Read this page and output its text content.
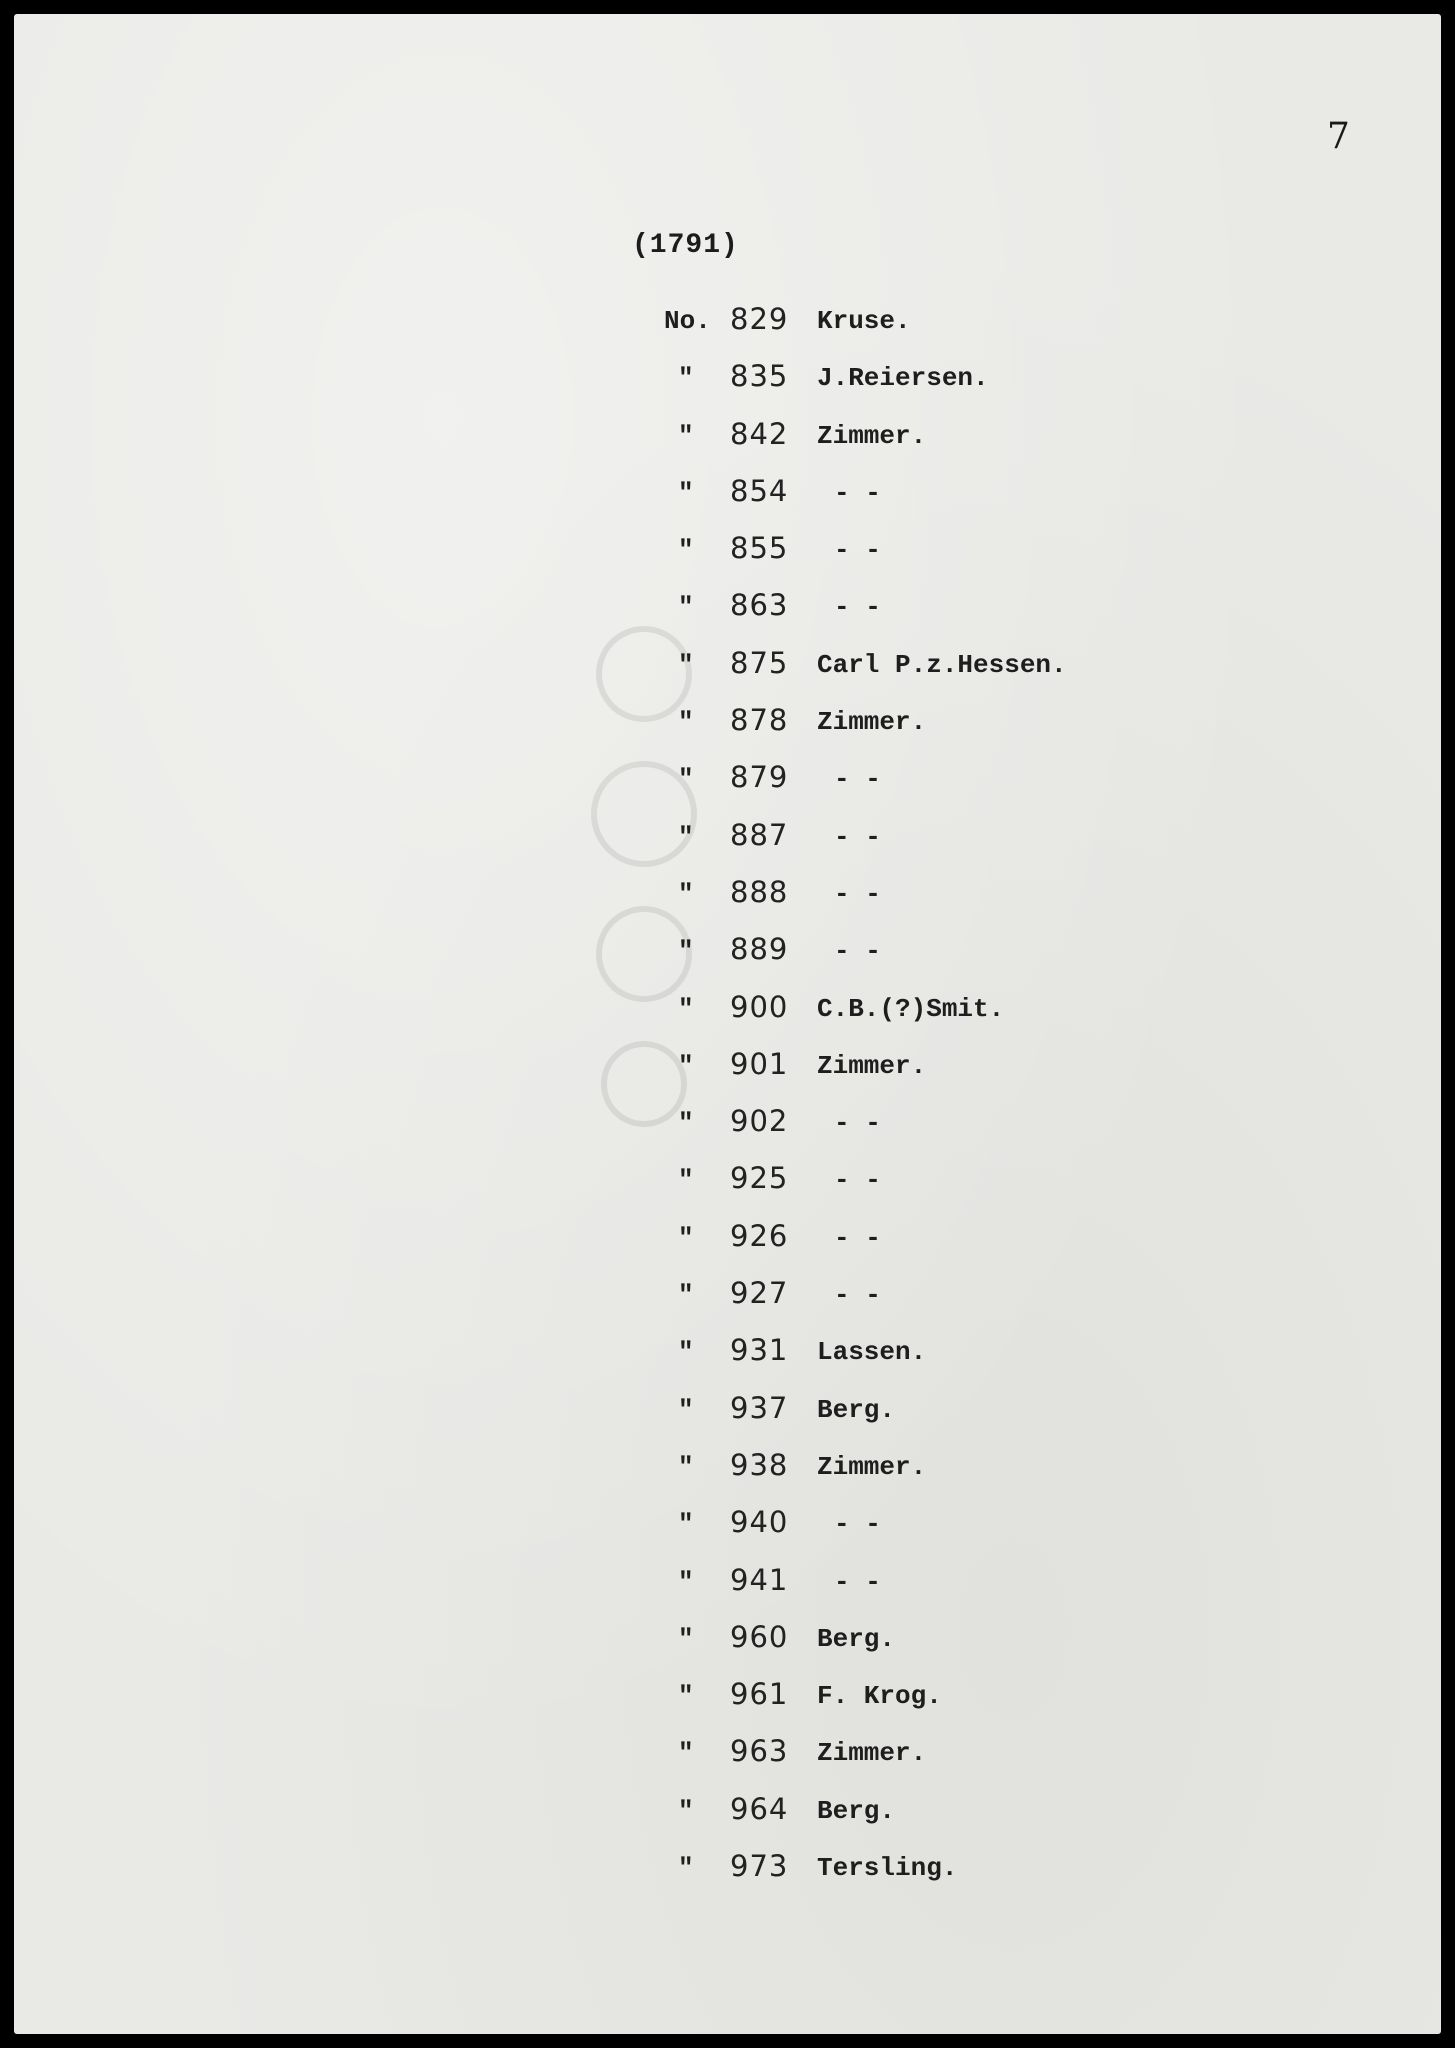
7
(1791)
No. 829 Kruse.
"	835 J.Reiersen.
"	842 Zimmer.
"	854 - -
"	855 - -
"	863 - -
"	875 Carl P.z.Hessen.
"	878 Zimmer.
"	879 - -
"	887 - -
"	888 - -
"	889 - -
"	900 C.B.(?)Smit.
"	901 Zimmer.
"	902 - -
"	925 - -
"	926 - -
"	927 - -
"	931 Lassen.
"	937 Berg.
"	938 Zimmer.
"	940 - -
"	941 - -
"	960 Berg.
"	961 F. Krog.
"	963 Zimmer.
"	964 Berg.
"	973 Tersling.
